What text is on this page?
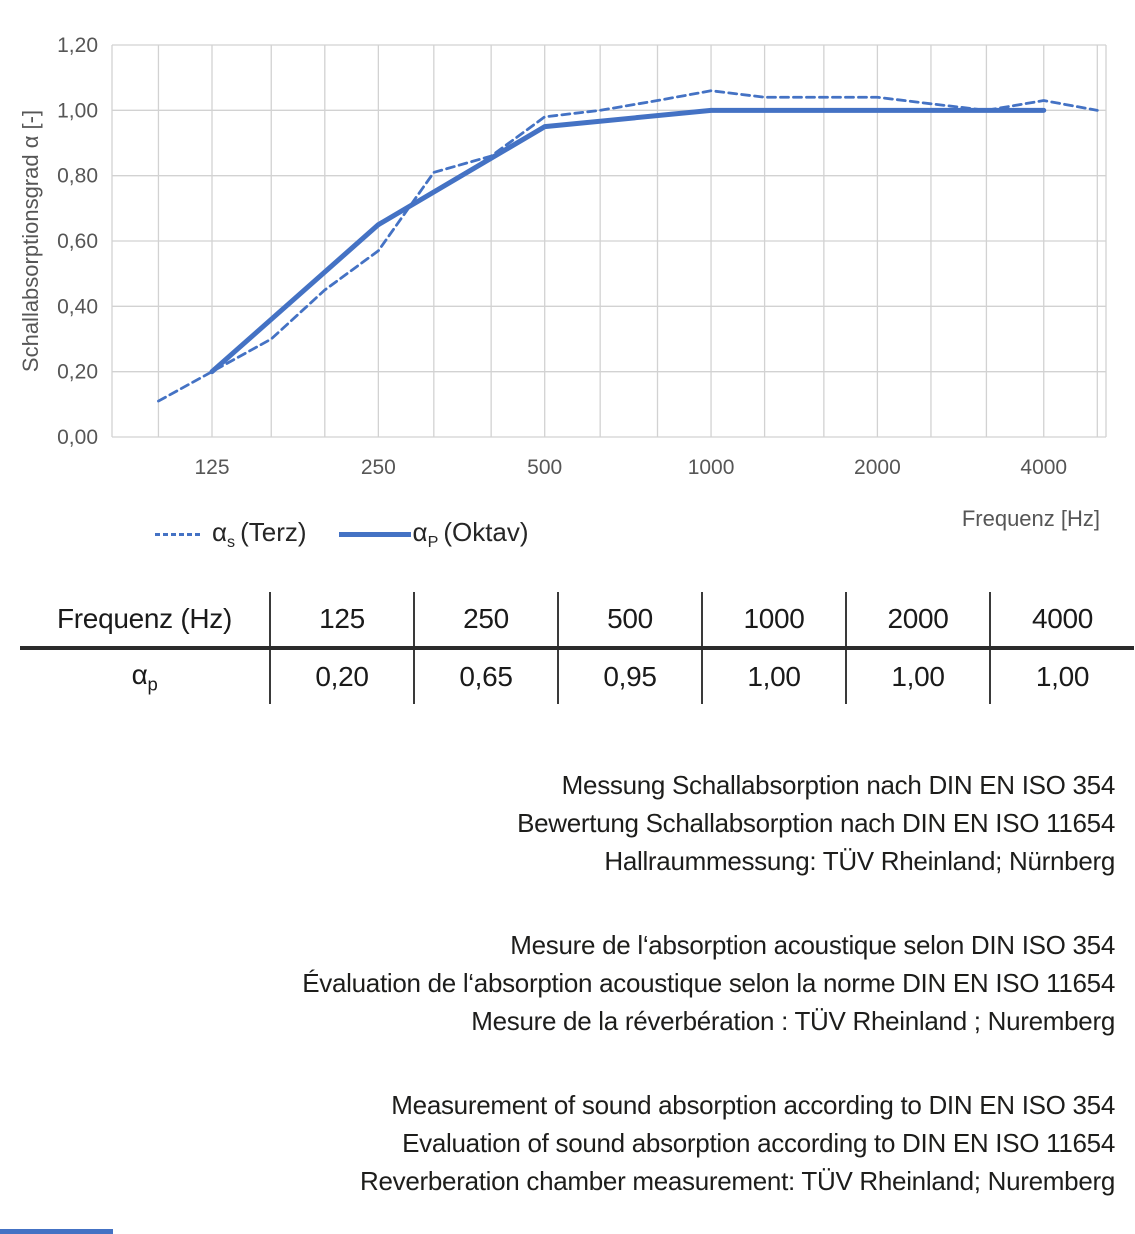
125	250	500	1000	2000	4000
0,00
0,20
0,40
0,60
0,80
1,00
1,20
Schallabsorptionsgrad α [-]
$\alpha_s$ (Terz)	$\alpha_P$ (Oktav)	Frequenz [Hz]
Frequenz (Hz)	125	250	500	1000	2000	4000
$\alpha_p$	0,20	0,65	0,95	1,00	1,00	1,00
Messung Schallabsorption nach DIN EN ISO 354
Bewertung Schallabsorption nach DIN EN ISO 11654
Hallraummessung: TÜV Rheinland; Nürnberg
Mesure de l‘absorption acoustique selon DIN ISO 354
Évaluation de l‘absorption acoustique selon la norme DIN EN ISO 11654
Mesure de la réverbération : TÜV Rheinland ; Nuremberg
Measurement of sound absorption according to DIN EN ISO 354
Evaluation of sound absorption according to DIN EN ISO 11654
Reverberation chamber measurement: TÜV Rheinland; Nuremberg
